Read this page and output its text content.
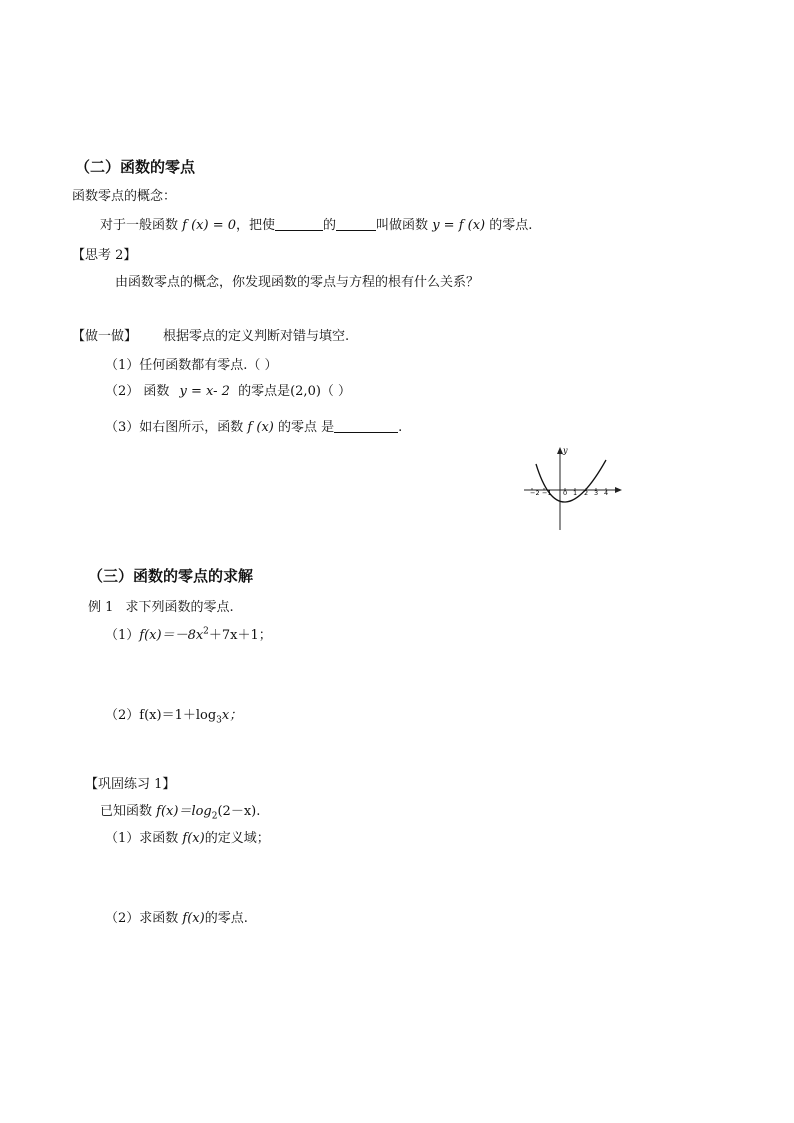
（二）函数的零点
函数零点的概念：
对于一般函数 f (x) = 0，把使	的	叫做函数 y = f (x) 的零点.
【思考 2】
由函数零点的概念，你发现函数的零点与方程的根有什么关系？
【做一做】 根据零点的定义判断对错与填空.
（1）任何函数都有零点.（ ）
（2） 函数 y = x- 2 的零点是(2,0)（ ）
（3）如右图所示，函数 f (x) 的零点 是	.
y
−2 −1 0 1 2 3 4
（三）函数的零点的求解
例 1 求下列函数的零点.
$(1)f(x)=-8x^2+7x+1$；
$(2)f(x)=1+\log_3x$；
【巩固练习 1】
已知函数 $f(x)=\log_2(2-x)$.
（1）求函数 f(x)的定义域；
（2）求函数 f(x)的零点.
